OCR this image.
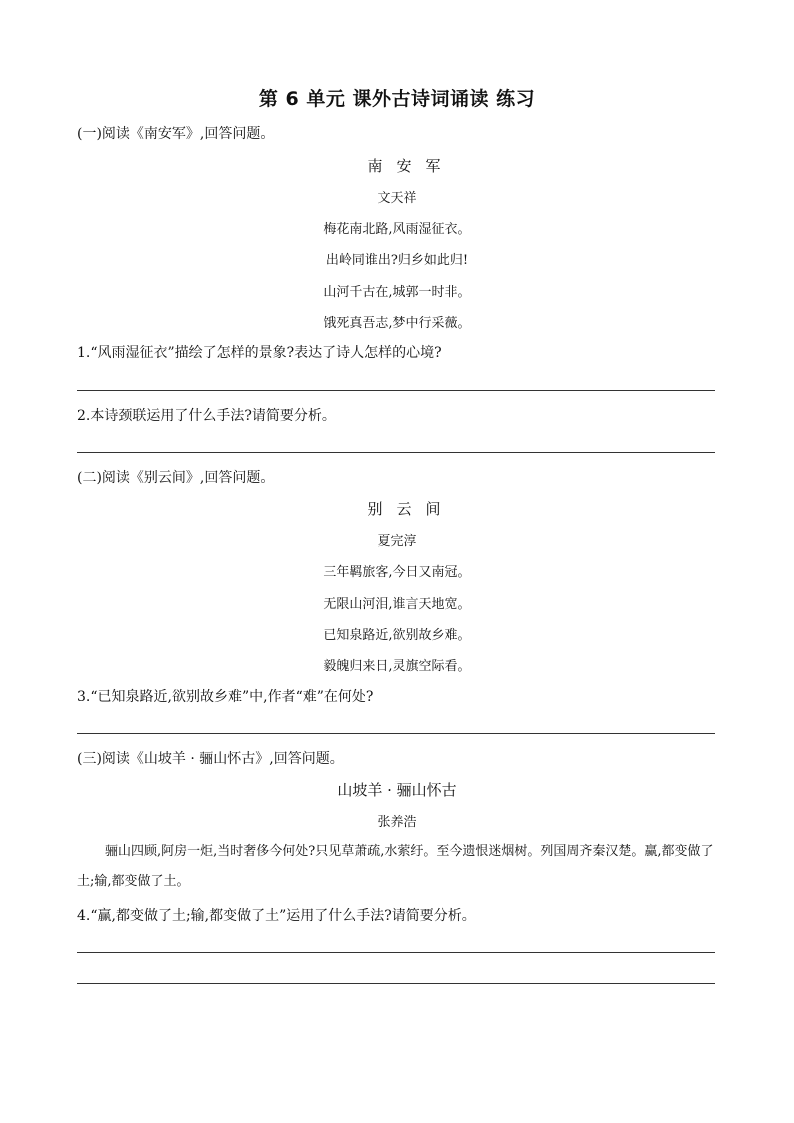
第 6 单元 课外古诗词诵读 练习
(一)阅读《南安军》,回答问题。
南安军
文天祥
梅花南北路,风雨湿征衣。
出岭同谁出?归乡如此归!
山河千古在,城郭一时非。
饿死真吾志,梦中行采薇。
1.“风雨湿征衣”描绘了怎样的景象?表达了诗人怎样的心境?
2.本诗颈联运用了什么手法?请简要分析。
(二)阅读《别云间》,回答问题。
别云间
夏完淳
三年羁旅客,今日又南冠。
无限山河泪,谁言天地宽。
已知泉路近,欲别故乡难。
毅魄归来日,灵旗空际看。
3.“已知泉路近,欲别故乡难”中,作者“难”在何处?
(三)阅读《山坡羊 · 骊山怀古》,回答问题。
山坡羊 · 骊山怀古
张养浩
骊山四顾,阿房一炬,当时奢侈今何处?只见草萧疏,水萦纡。至今遗恨迷烟树。列国周齐秦汉楚。赢,都变做了土;输,都变做了土。
4.“赢,都变做了土;输,都变做了土”运用了什么手法?请简要分析。
